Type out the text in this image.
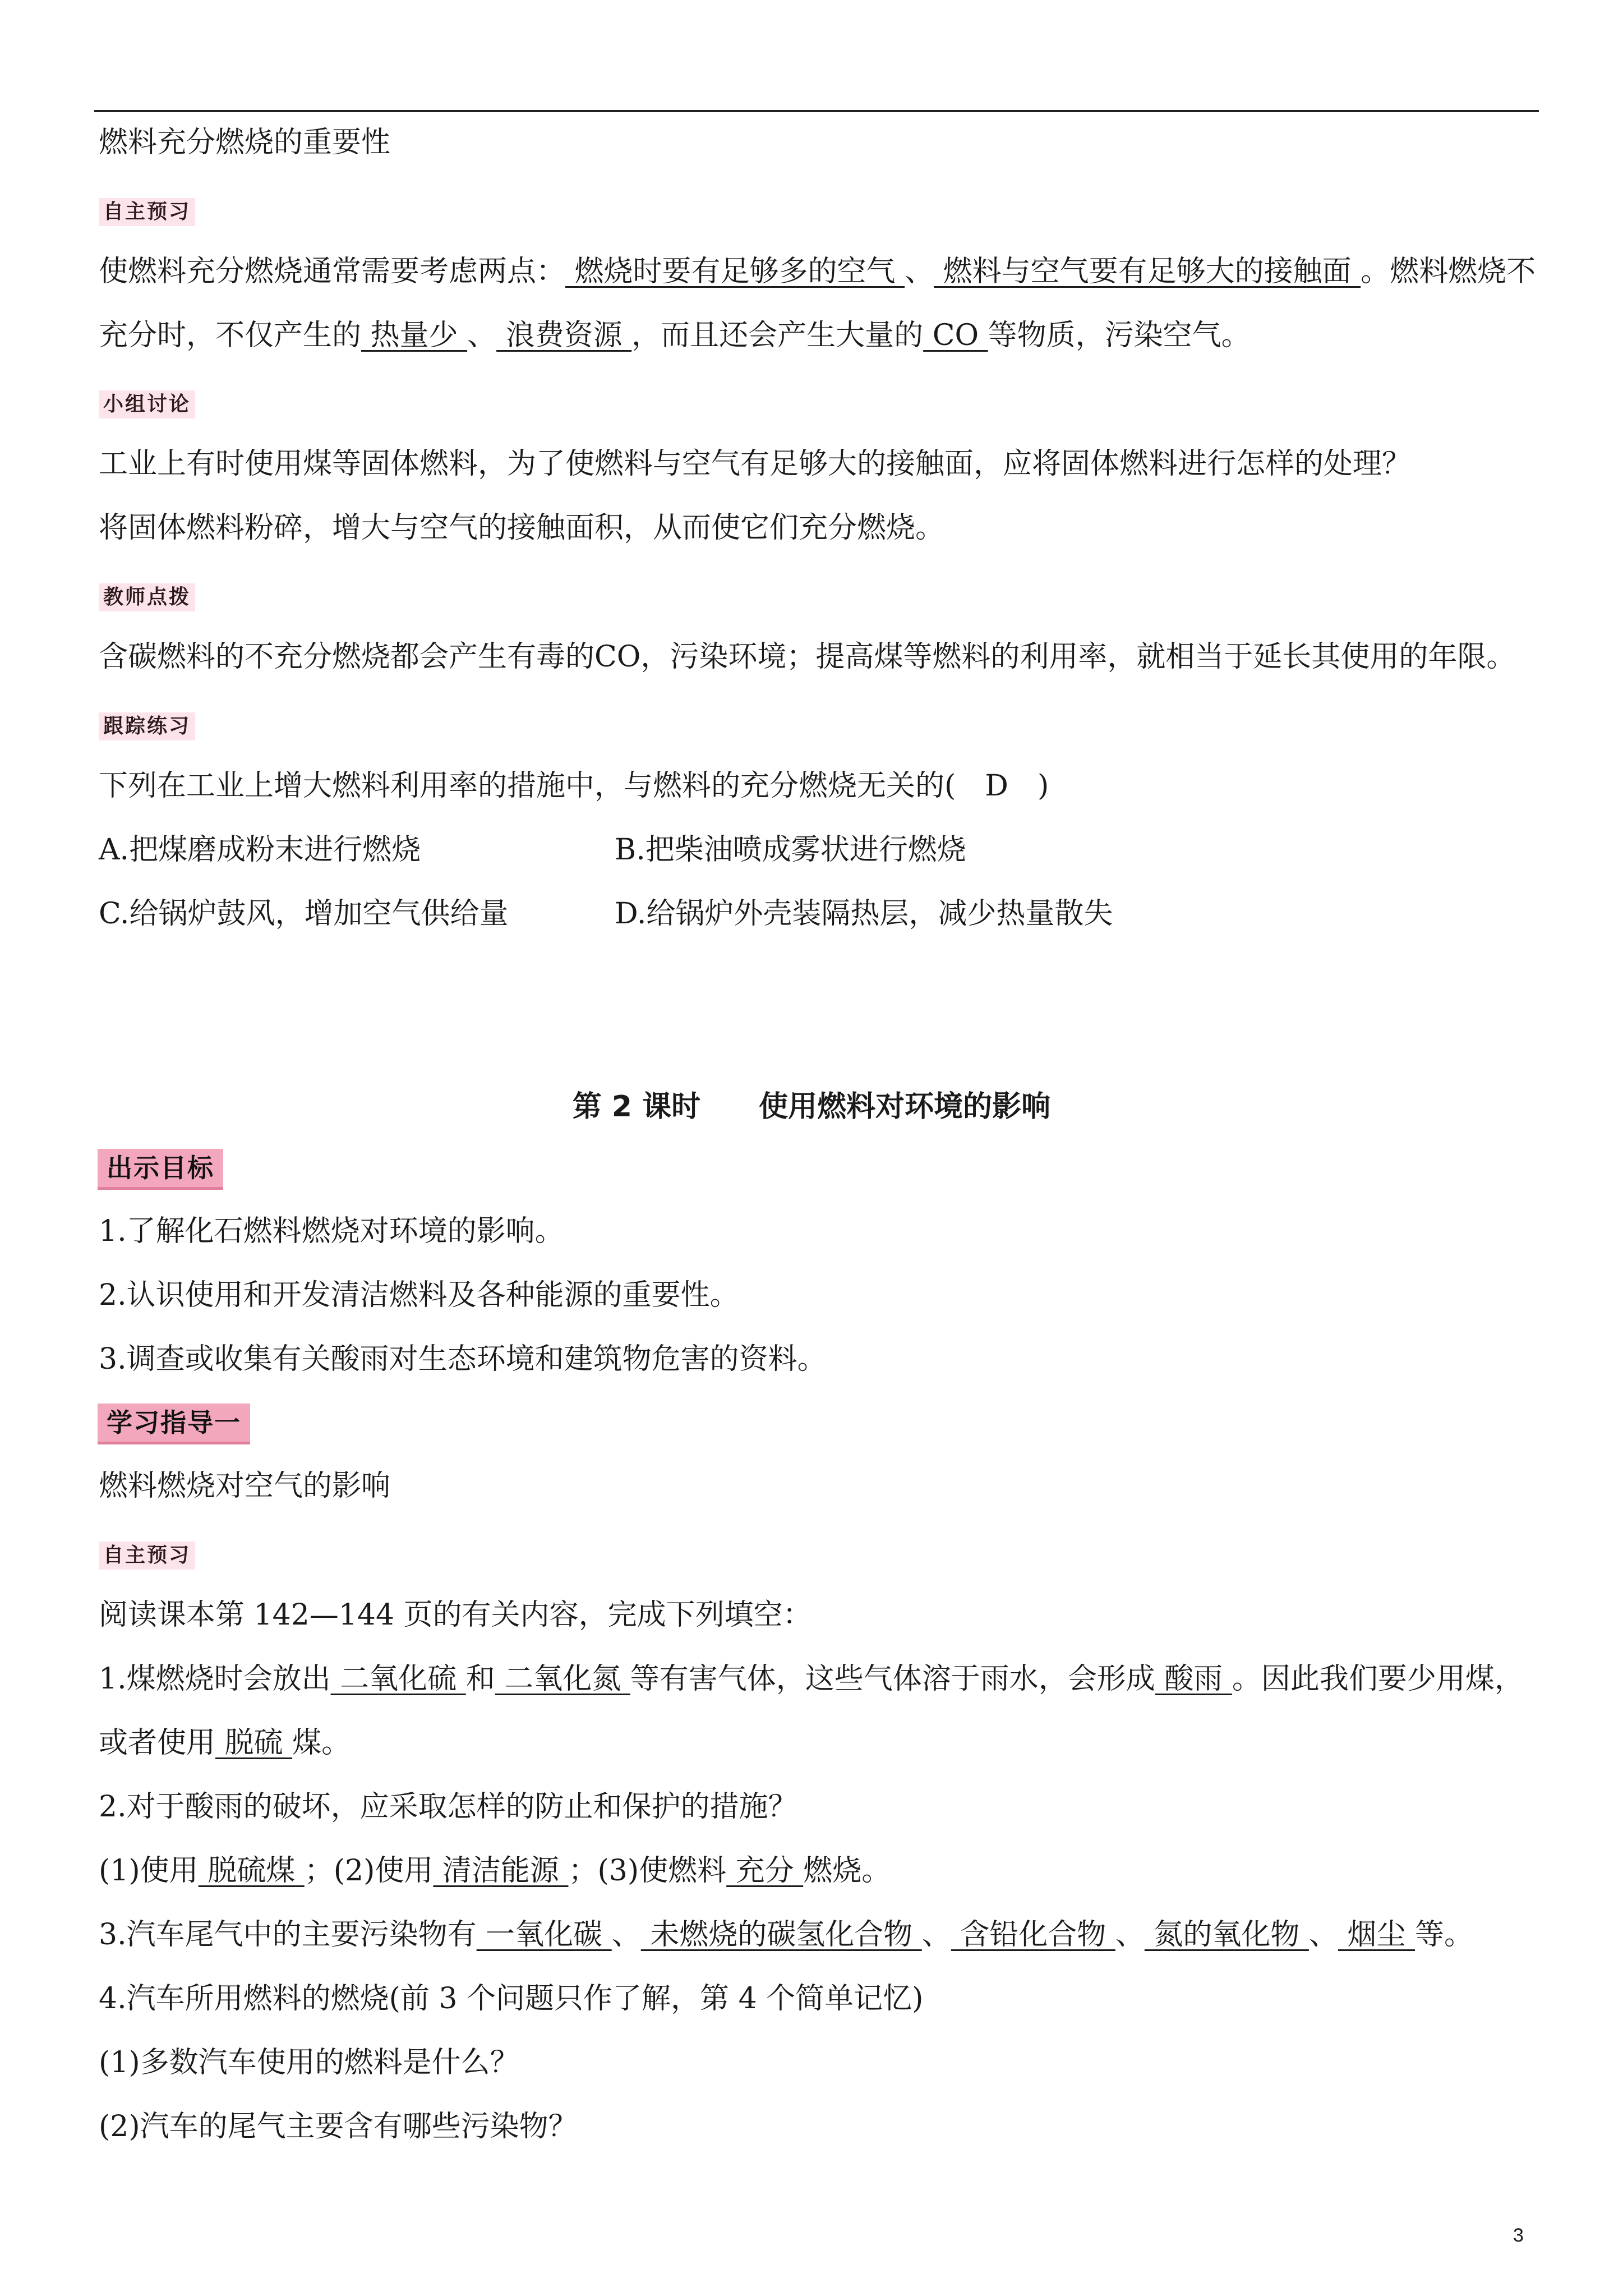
燃料充分燃烧的重要性
自主预习
使燃料充分燃烧通常需要考虑两点： 燃烧时要有足够多的空气 、 燃料与空气要有足够大的接触面 。燃料燃烧不
充分时，不仅产生的 热量少 、 浪费资源 ，而且还会产生大量的 CO 等物质，污染空气。
小组讨论
工业上有时使用煤等固体燃料，为了使燃料与空气有足够大的接触面，应将固体燃料进行怎样的处理？
将固体燃料粉碎，增大与空气的接触面积，从而使它们充分燃烧。
教师点拨
含碳燃料的不充分燃烧都会产生有毒的CO，污染环境；提高煤等燃料的利用率，就相当于延长其使用的年限。
跟踪练习
下列在工业上增大燃料利用率的措施中，与燃料的充分燃烧无关的(　D　)
A.把煤磨成粉末进行燃烧	B.把柴油喷成雾状进行燃烧
C.给锅炉鼓风，增加空气供给量	D.给锅炉外壳装隔热层，减少热量散失
第 2 课时　　使用燃料对环境的影响
出示目标
1.了解化石燃料燃烧对环境的影响。
2.认识使用和开发清洁燃料及各种能源的重要性。
3.调查或收集有关酸雨对生态环境和建筑物危害的资料。
学习指导一
燃料燃烧对空气的影响
自主预习
阅读课本第 142—144 页的有关内容，完成下列填空：
1.煤燃烧时会放出 二氧化硫 和 二氧化氮 等有害气体，这些气体溶于雨水，会形成 酸雨 。因此我们要少用煤，
或者使用 脱硫 煤。
2.对于酸雨的破坏，应采取怎样的防止和保护的措施？
(1)使用 脱硫煤 ；(2)使用 清洁能源 ；(3)使燃料 充分 燃烧。
3.汽车尾气中的主要污染物有 一氧化碳 、 未燃烧的碳氢化合物 、 含铅化合物 、 氮的氧化物 、 烟尘 等。
4.汽车所用燃料的燃烧(前 3 个问题只作了解，第 4 个简单记忆)
(1)多数汽车使用的燃料是什么？
(2)汽车的尾气主要含有哪些污染物？
3
